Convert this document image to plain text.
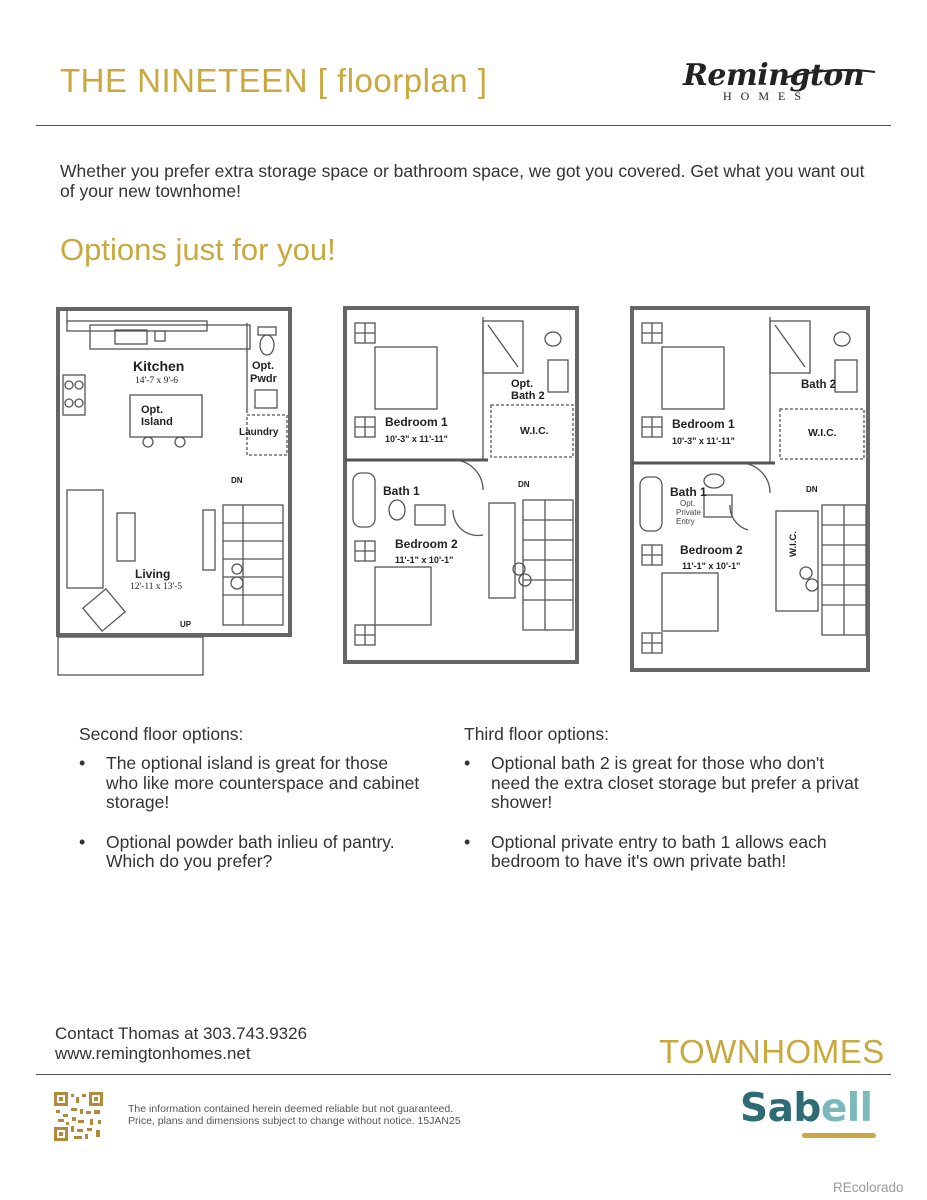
THE NINETEEN [ floorplan ]	Remington
HOMES
Whether you prefer extra storage space or bathroom space, we got you covered. Get what you want out of your new townhome!
Options just for you!
Kitchen
14'-7 x 9'-6
Opt.
Pwdr
Opt.
Island
Laundry
DN
Living
12'-11 x 13'-5
UP
Opt.
Bath 2
Bedroom 1
10'-3" x 11'-11"
W.I.C.
DN
Bath 1
Bedroom 2
11'-1" x 10'-1"
Bath 2
Bedroom 1
10'-3" x 11'-11"
W.I.C.
DN
Bath 1
Opt.
Private
Entry
W.I.C.
Bedroom 2
11'-1" x 10'-1"
Second floor options:
• The optional island is great for those who like more counterspace and cabinet storage!
• Optional powder bath inlieu of pantry. Which do you prefer?
Third floor options:
• Optional bath 2 is great for those who don't need the extra closet storage but prefer a privat shower!
• Optional private entry to bath 1 allows each bedroom to have it's own private bath!
Contact Thomas at 303.743.9326
www.remingtonhomes.net	TOWNHOMES
The information contained herein deemed reliable but not guaranteed.
Price, plans and dimensions subject to change without notice. 15JAN25	Sabell
REcolorado
